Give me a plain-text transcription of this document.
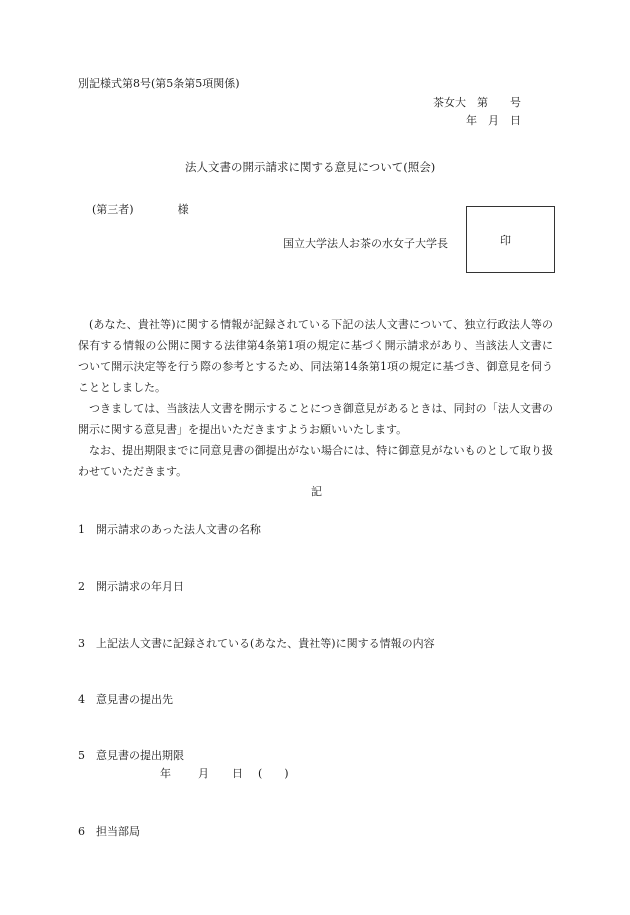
別記様式第8号(第5条第5項関係)
茶女大　第　　号
年　月　日
法人文書の開示請求に関する意見について(照会)
(第三者)　　　　様
国立大学法人お茶の水女子大学長	印

(あなた、貴社等)に関する情報が記録されている下記の法人文書について、独立行政法人等の保有する情報の公開に関する法律第4条第1項の規定に基づく開示請求があり、当該法人文書について開示決定等を行う際の参考とするため、同法第14条第1項の規定に基づき、御意見を伺うこととしました。

つきましては、当該法人文書を開示することにつき御意見があるときは、同封の「法人文書の開示に関する意見書」を提出いただきますようお願いいたします。

なお、提出期限までに同意見書の御提出がない場合には、特に御意見がないものとして取り扱わせていただきます。

記
1　開示請求のあった法人文書の名称
2　開示請求の年月日
3　上記法人文書に記録されている(あなた、貴社等)に関する情報の内容
4　意見書の提出先
5　意見書の提出期限
年 月 日 (　　)
6　担当部局
